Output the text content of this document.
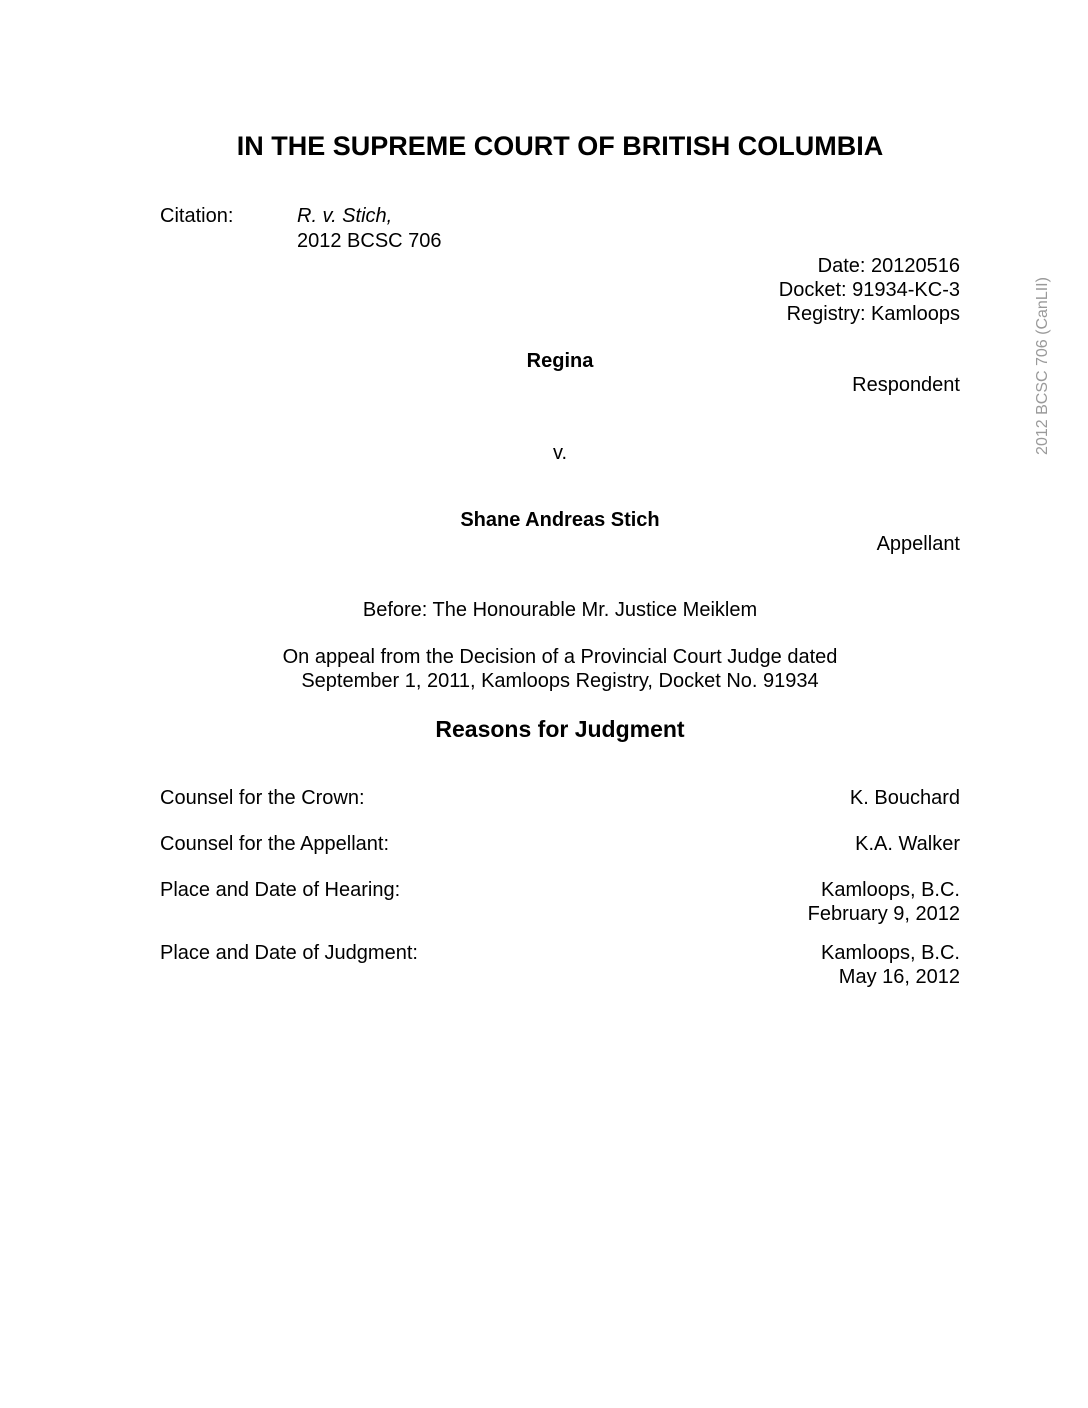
IN THE SUPREME COURT OF BRITISH COLUMBIA
Citation:	R. v. Stich,
2012 BCSC 706
Date: 20120516
Docket: 91934-KC-3
Registry: Kamloops
Regina
Respondent
v.
Shane Andreas Stich
Appellant
Before: The Honourable Mr. Justice Meiklem
On appeal from the Decision of a Provincial Court Judge dated
September 1, 2011, Kamloops Registry, Docket No. 91934
Reasons for Judgment
Counsel for the Crown:	K. Bouchard
Counsel for the Appellant:	K.A. Walker
Place and Date of Hearing:	Kamloops, B.C.
February 9, 2012
Place and Date of Judgment:	Kamloops, B.C.
May 16, 2012
2012 BCSC 706 (CanLII)
